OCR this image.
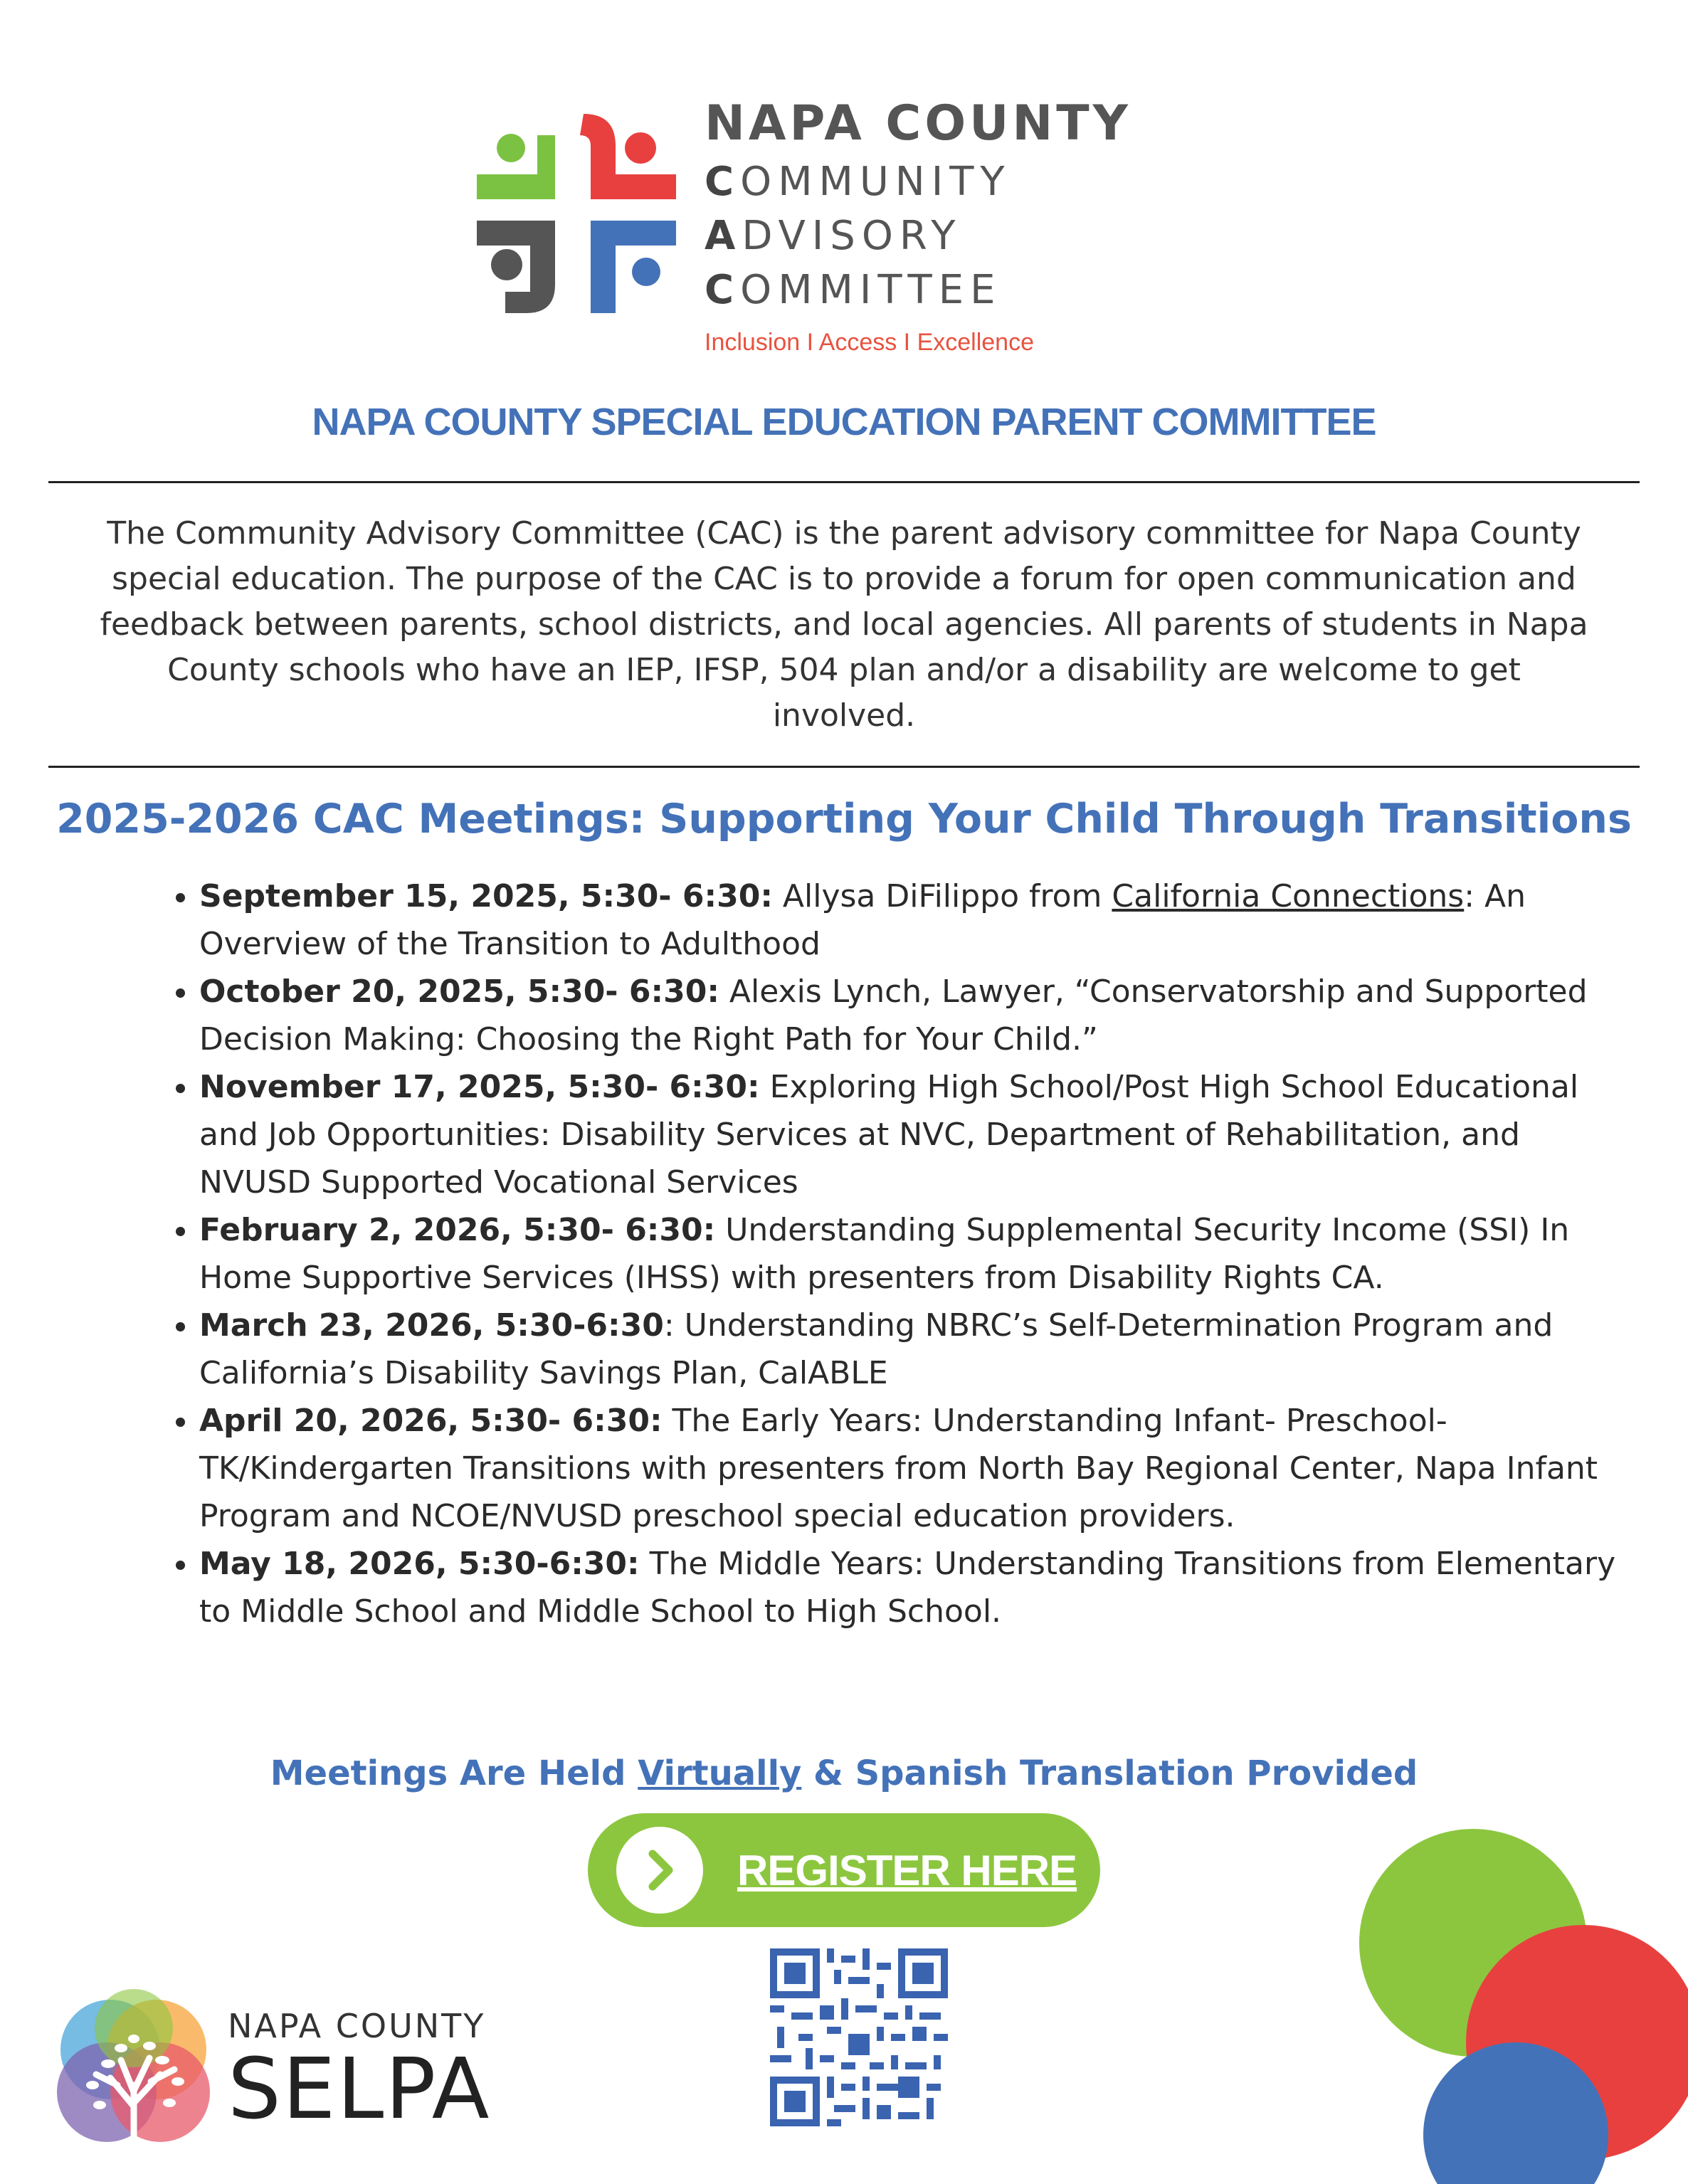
NAPA COUNTY
COMMUNITY
ADVISORY
COMMITTEE
Inclusion I Access I Excellence
NAPA COUNTY SPECIAL EDUCATION PARENT COMMITTEE
The Community Advisory Committee (CAC) is the parent advisory committee for Napa County special education. The purpose of the CAC is to provide a forum for open communication and feedback between parents, school districts, and local agencies. All parents of students in Napa County schools who have an IEP, IFSP, 504 plan and/or a disability are welcome to get involved.
2025-2026 CAC Meetings: Supporting Your Child Through Transitions
• September 15, 2025, 5:30- 6:30: Allysa DiFilippo from California Connections: An Overview of the Transition to Adulthood
• October 20, 2025, 5:30- 6:30: Alexis Lynch, Lawyer, “Conservatorship and Supported Decision Making: Choosing the Right Path for Your Child.”
• November 17, 2025, 5:30- 6:30: Exploring High School/Post High School Educational and Job Opportunities: Disability Services at NVC, Department of Rehabilitation, and NVUSD Supported Vocational Services
• February 2, 2026, 5:30- 6:30: Understanding Supplemental Security Income (SSI) In Home Supportive Services (IHSS) with presenters from Disability Rights CA.
• March 23, 2026, 5:30-6:30: Understanding NBRC’s Self-Determination Program and California’s Disability Savings Plan, CalABLE
• April 20, 2026, 5:30- 6:30: The Early Years: Understanding Infant- Preschool-TK/Kindergarten Transitions with presenters from North Bay Regional Center, Napa Infant Program and NCOE/NVUSD preschool special education providers.
• May 18, 2026, 5:30-6:30: The Middle Years: Understanding Transitions from Elementary to Middle School and Middle School to High School.
Meetings Are Held Virtually & Spanish Translation Provided
REGISTER HERE
NAPA COUNTY
SELPA
